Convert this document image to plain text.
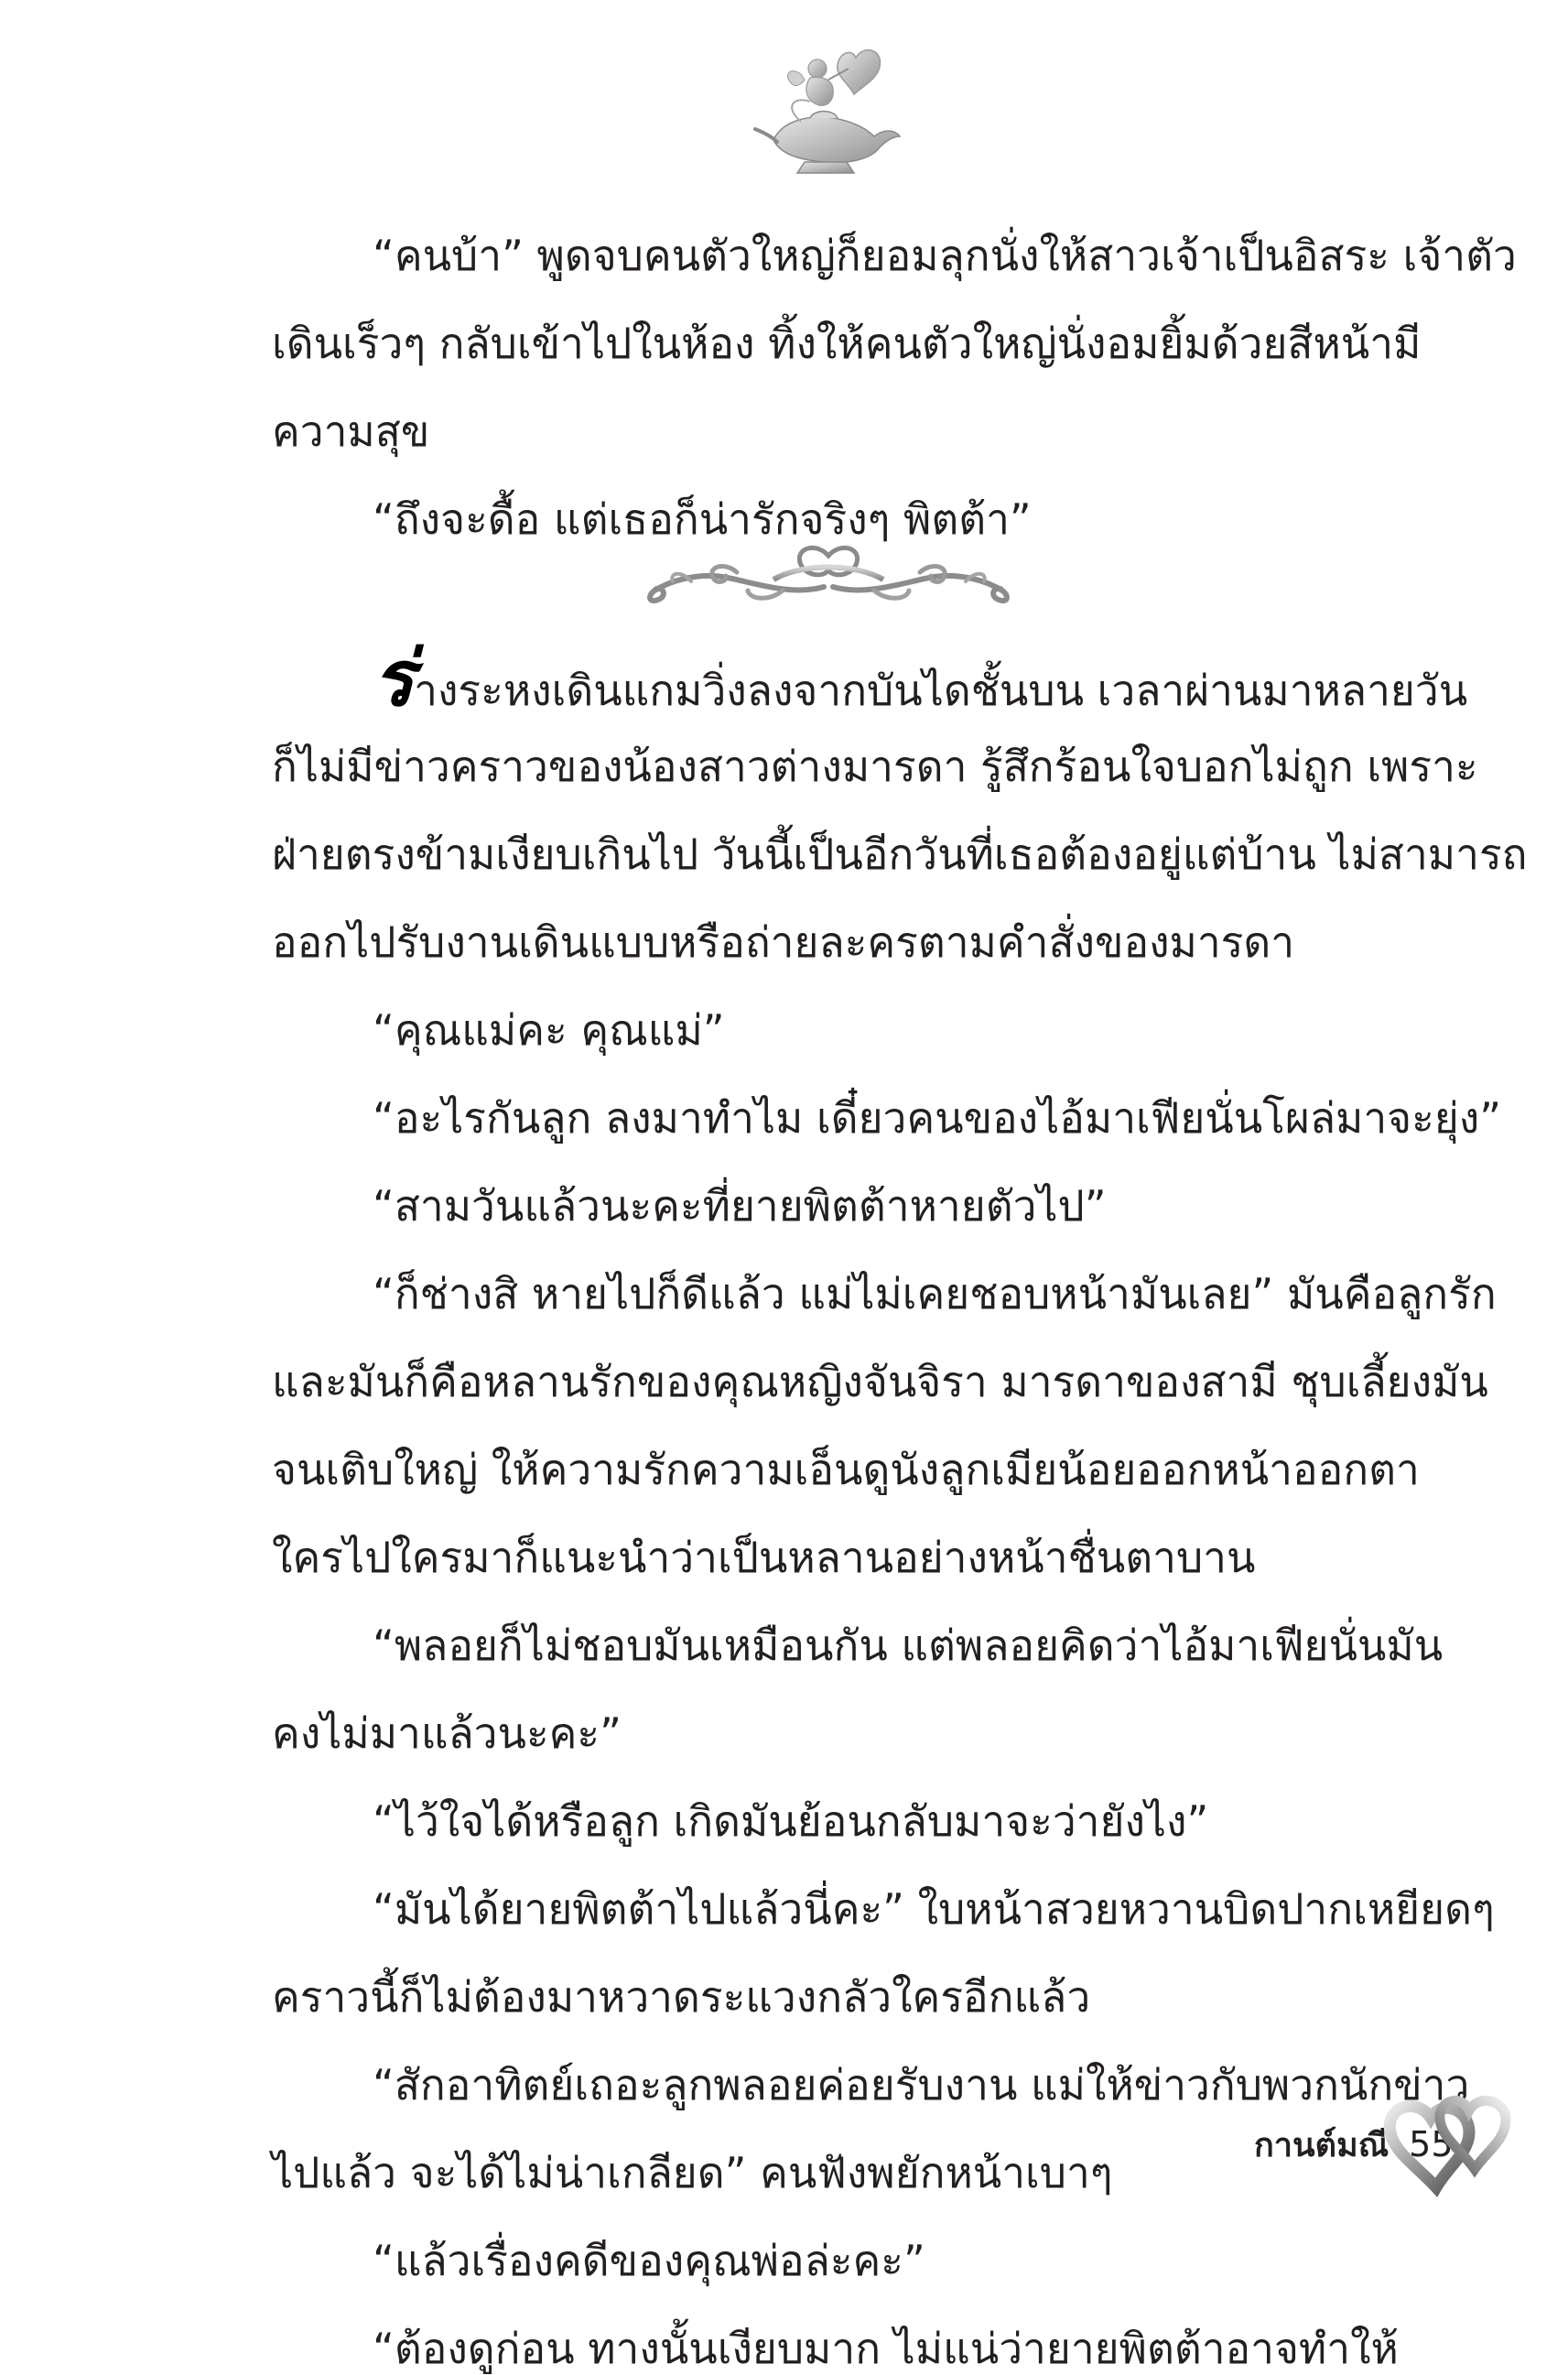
“คนบ้า” พูดจบคนตัวใหญ่ก็ยอมลุกนั่งให้สาวเจ้าเป็นอิสระ เจ้าตัว
เดินเร็วๆ กลับเข้าไปในห้อง ทิ้งให้คนตัวใหญ่นั่งอมยิ้มด้วยสีหน้ามี
ความสุข
“ถึงจะดื้อ แต่เธอก็น่ารักจริงๆ พิตต้า”
ร่างระหงเดินแกมวิ่งลงจากบันไดชั้นบน เวลาผ่านมาหลายวัน
ก็ไม่มีข่าวคราวของน้องสาวต่างมารดา รู้สึกร้อนใจบอกไม่ถูก เพราะ
ฝ่ายตรงข้ามเงียบเกินไป วันนี้เป็นอีกวันที่เธอต้องอยู่แต่บ้าน ไม่สามารถ
ออกไปรับงานเดินแบบหรือถ่ายละครตามคำสั่งของมารดา
“คุณแม่คะ คุณแม่”
“อะไรกันลูก ลงมาทำไม เดี๋ยวคนของไอ้มาเฟียนั่นโผล่มาจะยุ่ง”
“สามวันแล้วนะคะที่ยายพิตต้าหายตัวไป”
“ก็ช่างสิ หายไปก็ดีแล้ว แม่ไม่เคยชอบหน้ามันเลย” มันคือลูกรัก
และมันก็คือหลานรักของคุณหญิงจันจิรา มารดาของสามี ชุบเลี้ยงมัน
จนเติบใหญ่ ให้ความรักความเอ็นดูนังลูกเมียน้อยออกหน้าออกตา
ใครไปใครมาก็แนะนำว่าเป็นหลานอย่างหน้าชื่นตาบาน
“พลอยก็ไม่ชอบมันเหมือนกัน แต่พลอยคิดว่าไอ้มาเฟียนั่นมัน
คงไม่มาแล้วนะคะ”
“ไว้ใจได้หรือลูก เกิดมันย้อนกลับมาจะว่ายังไง”
“มันได้ยายพิตต้าไปแล้วนี่คะ” ใบหน้าสวยหวานบิดปากเหยียดๆ
คราวนี้ก็ไม่ต้องมาหวาดระแวงกลัวใครอีกแล้ว
“สักอาทิตย์เถอะลูกพลอยค่อยรับงาน แม่ให้ข่าวกับพวกนักข่าว
ไปแล้ว จะได้ไม่น่าเกลียด” คนฟังพยักหน้าเบาๆ
“แล้วเรื่องคดีของคุณพ่อล่ะคะ”
“ต้องดูก่อน ทางนั้นเงียบมาก ไม่แน่ว่ายายพิตต้าอาจทำให้
กานต์มณี 55
